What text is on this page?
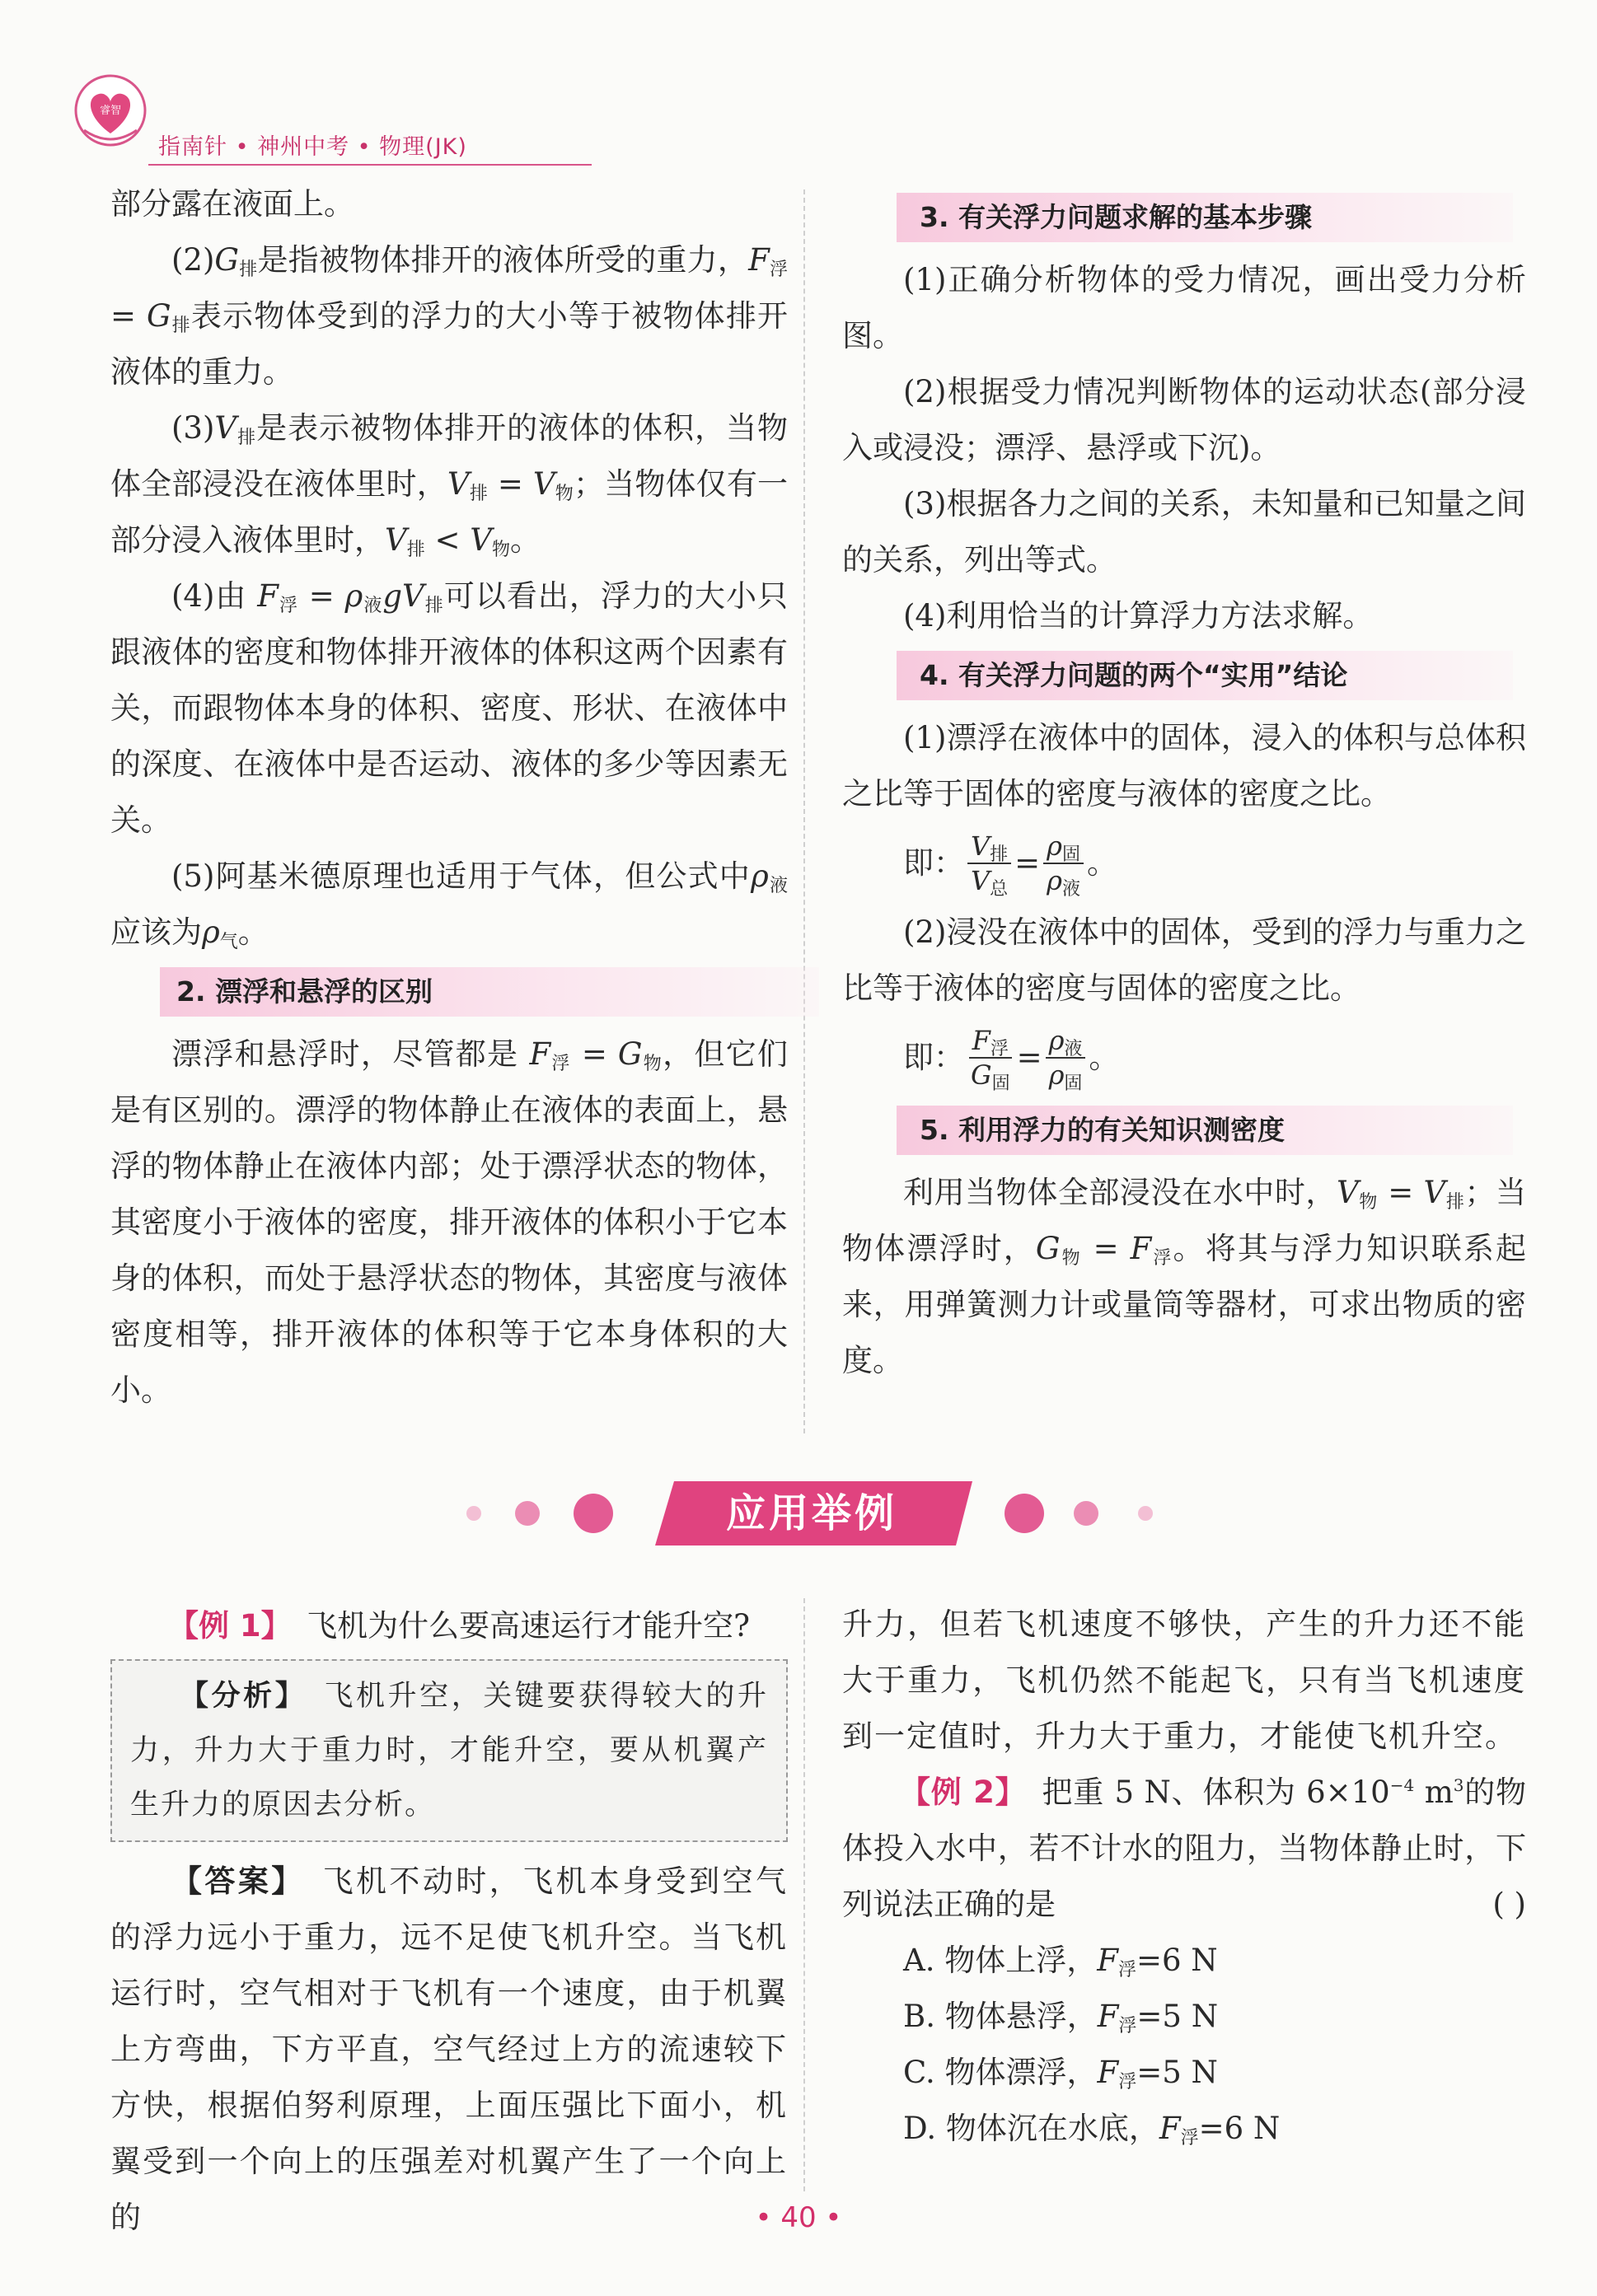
睿智
指南针 • 神州中考 • 物理(JK)

部分露在液面上。

$(2)G_排$是指被物体排开的液体所受的重力，$F_浮 = G_排$表示物体受到的浮力的大小等于被物体排开液体的重力。

$(3)V_排$是表示被物体排开的液体的体积，当物体全部浸没在液体里时，$V_排 = V_物$；当物体仅有一部分浸入液体里时，$V_排 < V_物$。

(4)由 $F_浮 = \rho_液gV_排$可以看出，浮力的大小只跟液体的密度和物体排开液体的体积这两个因素有关，而跟物体本身的体积、密度、形状、在液体中的深度、在液体中是否运动、液体的多少等因素无关。

(5)阿基米德原理也适用于气体，但公式中$\rho_液$应该为$\rho_气$。

2. 漂浮和悬浮的区别

漂浮和悬浮时，尽管都是 $F_浮 = G_物$，但它们是有区别的。漂浮的物体静止在液体的表面上，悬浮的物体静止在液体内部；处于漂浮状态的物体，其密度小于液体的密度，排开液体的体积小于它本身的体积，而处于悬浮状态的物体，其密度与液体密度相等，排开液体的体积等于它本身体积的大小。

3. 有关浮力问题求解的基本步骤

(1)正确分析物体的受力情况，画出受力分析图。

(2)根据受力情况判断物体的运动状态(部分浸入或浸没；漂浮、悬浮或下沉)。

(3)根据各力之间的关系，未知量和已知量之间的关系，列出等式。

(4)利用恰当的计算浮力方法求解。

4. 有关浮力问题的两个“实用”结论

(1)漂浮在液体中的固体，浸入的体积与总体积之比等于固体的密度与液体的密度之比。

即： $\frac{V_排}{V_总} = \frac{\rho_固}{\rho_液}$ 。

(2)浸没在液体中的固体，受到的浮力与重力之比等于液体的密度与固体的密度之比。

即： $\frac{F_浮}{G_固} = \frac{\rho_液}{\rho_固}$ 。
5. 利用浮力的有关知识测密度

利用当物体全部浸没在水中时，$V_物 = V_排$；当物体漂浮时，$G_物 = F_浮$。将其与浮力知识联系起来，用弹簧测力计或量筒等器材，可求出物质的密度。

应用举例

【例 1】　 飞机为什么要高速运行才能升空?

【分析】　 飞机升空，关键要获得较大的升力，升力大于重力时，才能升空，要从机翼产生升力的原因去分析。

【答案】　 飞机不动时，飞机本身受到空气的浮力远小于重力，远不足使飞机升空。当飞机运行时，空气相对于飞机有一个速度，由于机翼上方弯曲，下方平直，空气经过上方的流速较下方快，根据伯努利原理，上面压强比下面小，机翼受到一个向上的压强差对机翼产生了一个向上的

升力，但若飞机速度不够快，产生的升力还不能大于重力，飞机仍然不能起飞，只有当飞机速度到一定值时，升力大于重力，才能使飞机升空。

【例 2】　 把重 5 N、体积为 $6\times 10^{-4}$ $m^3$的物体投入水中，若不计水的阻力，当物体静止时，下列说法正确的是	( )

A. 物体上浮，$F_浮=6$ N

B. 物体悬浮，$F_浮=5$ N

C. 物体漂浮，$F_浮=5$ N

D. 物体沉在水底，$F_浮=6$ N

• 40 •
